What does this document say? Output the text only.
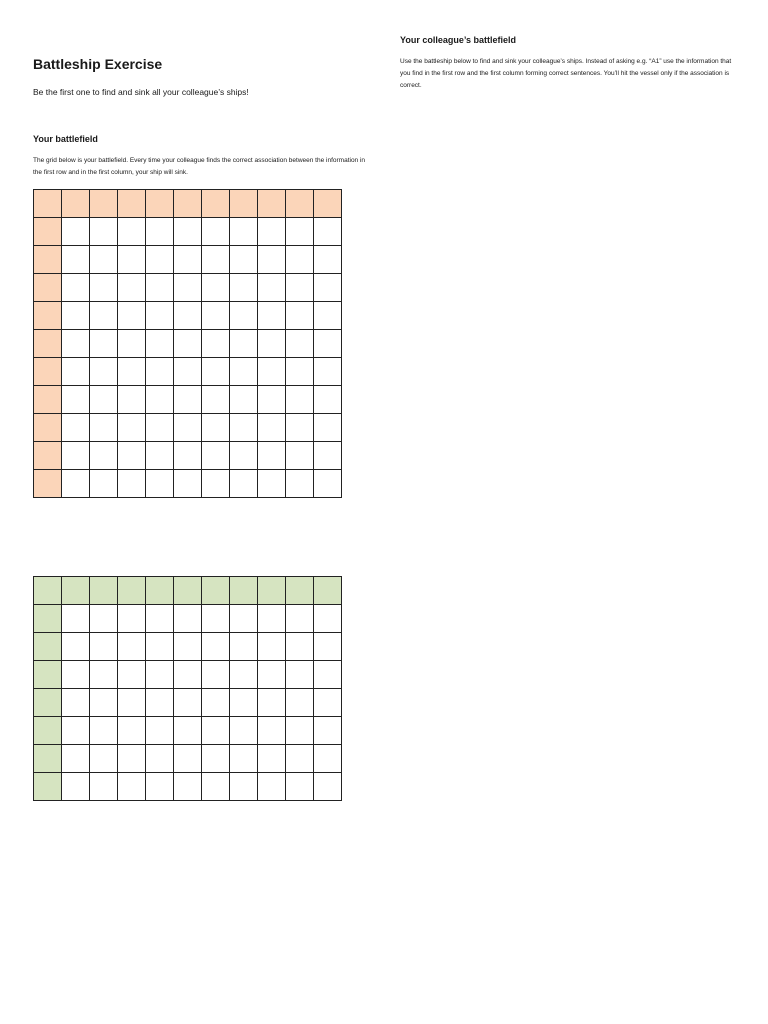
Battleship Exercise
Be the first one to find and sink all your colleague’s ships!
Your battlefield
The grid below is your battlefield. Every time your colleague finds the correct association between the information in the first row and in the first column, your ship will sink.
Your colleague’s battlefield
Use the battleship below to find and sink your colleague’s ships. Instead of asking e.g. “A1” use the information that you find in the first row and the first column forming correct sentences. You’ll hit the vessel only if the association is correct.
